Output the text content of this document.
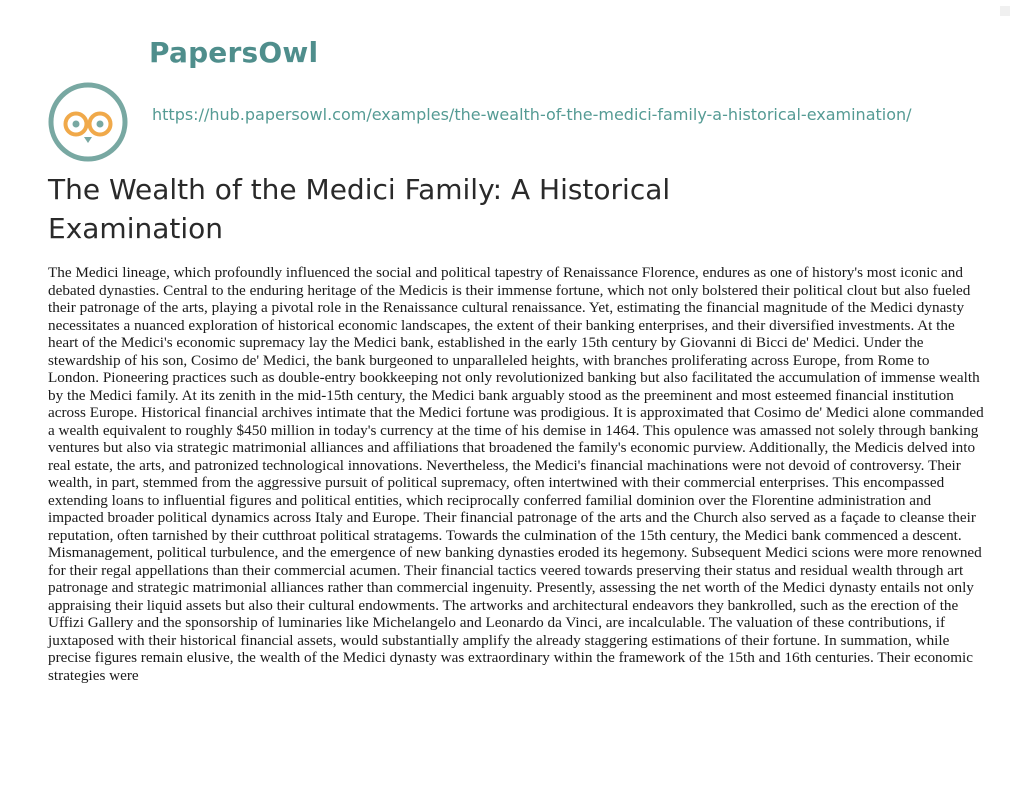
PapersOwl
https://hub.papersowl.com/examples/the-wealth-of-the-medici-family-a-historical-examination/
The Wealth of the Medici Family: A Historical Examination

The Medici lineage, which profoundly influenced the social and political tapestry of Renaissance Florence, endures as one of history's most iconic and debated dynasties. Central to the enduring heritage of the Medicis is their immense fortune, which not only bolstered their political clout but also fueled their patronage of the arts, playing a pivotal role in the Renaissance cultural renaissance. Yet, estimating the financial magnitude of the Medici dynasty necessitates a nuanced exploration of historical economic landscapes, the extent of their banking enterprises, and their diversified investments. At the heart of the Medici's economic supremacy lay the Medici bank, established in the early 15th century by Giovanni di Bicci de' Medici. Under the stewardship of his son, Cosimo de' Medici, the bank burgeoned to unparalleled heights, with branches proliferating across Europe, from Rome to London. Pioneering practices such as double-entry bookkeeping not only revolutionized banking but also facilitated the accumulation of immense wealth by the Medici family. At its zenith in the mid-15th century, the Medici bank arguably stood as the preeminent and most esteemed financial institution across Europe. Historical financial archives intimate that the Medici fortune was prodigious. It is approximated that Cosimo de' Medici alone commanded a wealth equivalent to roughly $450 million in today's currency at the time of his demise in 1464. This opulence was amassed not solely through banking ventures but also via strategic matrimonial alliances and affiliations that broadened the family's economic purview. Additionally, the Medicis delved into real estate, the arts, and patronized technological innovations. Nevertheless, the Medici's financial machinations were not devoid of controversy. Their wealth, in part, stemmed from the aggressive pursuit of political supremacy, often intertwined with their commercial enterprises. This encompassed extending loans to influential figures and political entities, which reciprocally conferred familial dominion over the Florentine administration and impacted broader political dynamics across Italy and Europe. Their financial patronage of the arts and the Church also served as a façade to cleanse their reputation, often tarnished by their cutthroat political stratagems. Towards the culmination of the 15th century, the Medici bank commenced a descent. Mismanagement, political turbulence, and the emergence of new banking dynasties eroded its hegemony. Subsequent Medici scions were more renowned for their regal appellations than their commercial acumen. Their financial tactics veered towards preserving their status and residual wealth through art patronage and strategic matrimonial alliances rather than commercial ingenuity. Presently, assessing the net worth of the Medici dynasty entails not only appraising their liquid assets but also their cultural endowments. The artworks and architectural endeavors they bankrolled, such as the erection of the Uffizi Gallery and the sponsorship of luminaries like Michelangelo and Leonardo da Vinci, are incalculable. The valuation of these contributions, if juxtaposed with their historical financial assets, would substantially amplify the already staggering estimations of their fortune. In summation, while precise figures remain elusive, the wealth of the Medici dynasty was extraordinary within the framework of the 15th and 16th centuries. Their economic strategies were
